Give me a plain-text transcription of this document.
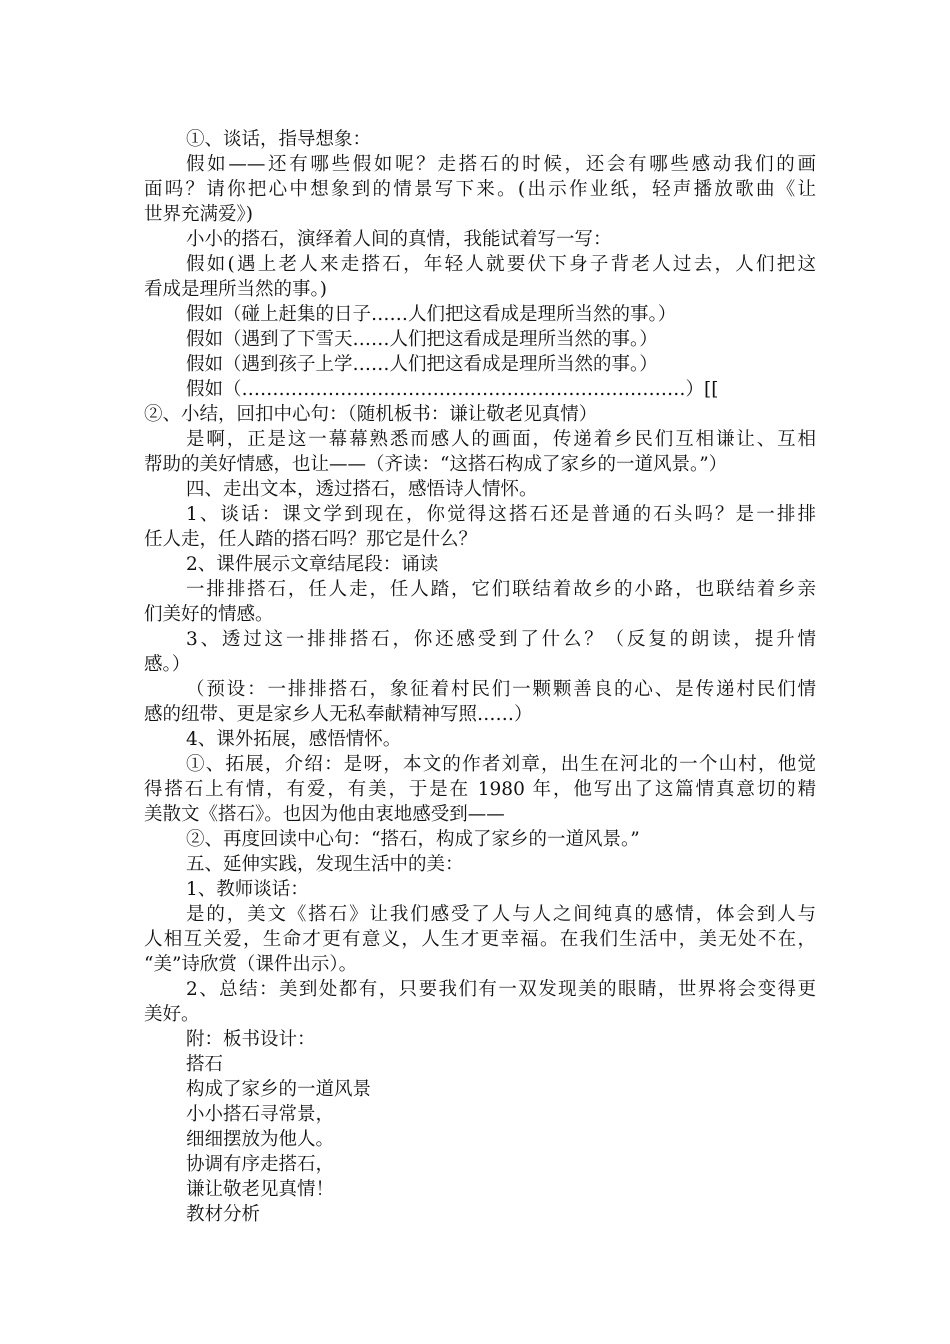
①、谈话，指导想象：
假如——还有哪些假如呢？走搭石的时候，还会有哪些感动我们的画
面吗？请你把心中想象到的情景写下来。(出示作业纸，轻声播放歌曲《让
世界充满爱》)
小小的搭石，演绎着人间的真情，我能试着写一写：
假如(遇上老人来走搭石，年轻人就要伏下身子背老人过去，人们把这
看成是理所当然的事。)
假如（碰上赶集的日子……人们把这看成是理所当然的事。）
假如（遇到了下雪天……人们把这看成是理所当然的事。）
假如（遇到孩子上学……人们把这看成是理所当然的事。）
假如（………………………………………………………………）[[
②、小结，回扣中心句：（随机板书：谦让敬老见真情）
是啊，正是这一幕幕熟悉而感人的画面，传递着乡民们互相谦让、互相
帮助的美好情感，也让——（齐读：“这搭石构成了家乡的一道风景。”）
四、走出文本，透过搭石，感悟诗人情怀。
1、谈话：课文学到现在，你觉得这搭石还是普通的石头吗？是一排排
任人走，任人踏的搭石吗？那它是什么？
2、课件展示文章结尾段：诵读
一排排搭石，任人走，任人踏，它们联结着故乡的小路，也联结着乡亲
们美好的情感。
3、透过这一排排搭石，你还感受到了什么？（反复的朗读，提升情
感。）
（预设：一排排搭石，象征着村民们一颗颗善良的心、是传递村民们情
感的纽带、更是家乡人无私奉献精神写照……）
4、课外拓展，感悟情怀。
①、拓展，介绍：是呀，本文的作者刘章，出生在河北的一个山村，他觉
得搭石上有情，有爱，有美，于是在 1980 年，他写出了这篇情真意切的精
美散文《搭石》。也因为他由衷地感受到——
②、再度回读中心句：“搭石，构成了家乡的一道风景。”
五、延伸实践，发现生活中的美：
1、教师谈话：
是的，美文《搭石》让我们感受了人与人之间纯真的感情，体会到人与
人相互关爱，生命才更有意义，人生才更幸福。在我们生活中，美无处不在，
“美”诗欣赏（课件出示）。
2、总结：美到处都有，只要我们有一双发现美的眼睛，世界将会变得更
美好。
附：板书设计：
搭石
构成了家乡的一道风景
小小搭石寻常景，
细细摆放为他人。
协调有序走搭石，
谦让敬老见真情！
教材分析
